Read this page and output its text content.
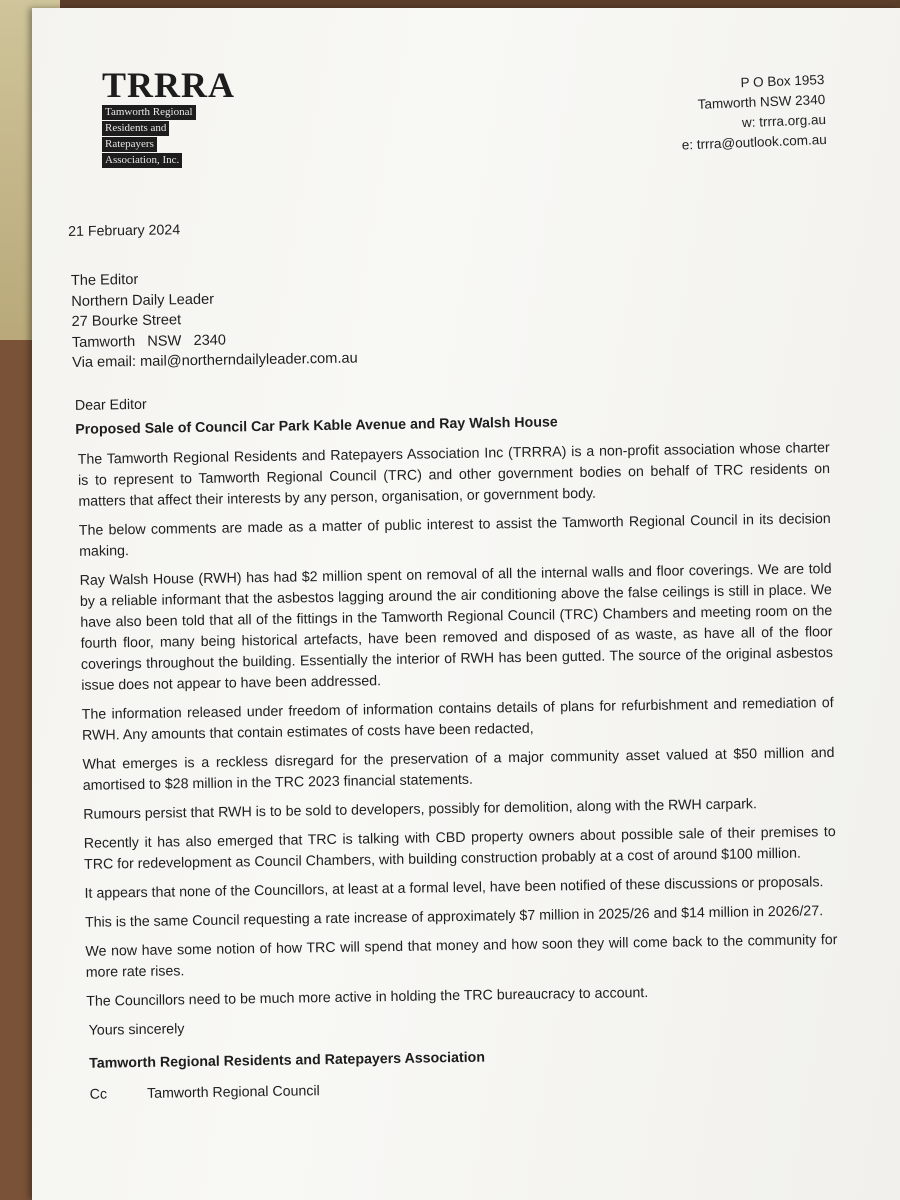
TRRRA
Tamworth Regional
Residents and
Ratepayers
Association, Inc.
P O Box 1953
Tamworth NSW 2340
w: trrra.org.au
e: trrra@outlook.com.au
21 February 2024
The Editor
Northern Daily Leader
27 Bourke Street
Tamworth   NSW   2340
Via email: mail@northerndailyleader.com.au
Dear Editor
Proposed Sale of Council Car Park Kable Avenue and Ray Walsh House

The Tamworth Regional Residents and Ratepayers Association Inc (TRRRA) is a non-profit association whose charter is to represent to Tamworth Regional Council (TRC) and other government bodies on behalf of TRC residents on matters that affect their interests by any person, organisation, or government body.

The below comments are made as a matter of public interest to assist the Tamworth Regional Council in its decision making.

Ray Walsh House (RWH) has had $2 million spent on removal of all the internal walls and floor coverings. We are told by a reliable informant that the asbestos lagging around the air conditioning above the false ceilings is still in place. We have also been told that all of the fittings in the Tamworth Regional Council (TRC) Chambers and meeting room on the fourth floor, many being historical artefacts, have been removed and disposed of as waste, as have all of the floor coverings throughout the building. Essentially the interior of RWH has been gutted. The source of the original asbestos issue does not appear to have been addressed.

The information released under freedom of information contains details of plans for refurbishment and remediation of RWH. Any amounts that contain estimates of costs have been redacted,

What emerges is a reckless disregard for the preservation of a major community asset valued at $50 million and amortised to $28 million in the TRC 2023 financial statements.

Rumours persist that RWH is to be sold to developers, possibly for demolition, along with the RWH carpark.

Recently it has also emerged that TRC is talking with CBD property owners about possible sale of their premises to TRC for redevelopment as Council Chambers, with building construction probably at a cost of around $100 million.

It appears that none of the Councillors, at least at a formal level, have been notified of these discussions or proposals.

This is the same Council requesting a rate increase of approximately $7 million in 2025/26 and $14 million in 2026/27.

We now have some notion of how TRC will spend that money and how soon they will come back to the community for more rate rises.

The Councillors need to be much more active in holding the TRC bureaucracy to account.

Yours sincerely
Tamworth Regional Residents and Ratepayers Association
Cc	Tamworth Regional Council
